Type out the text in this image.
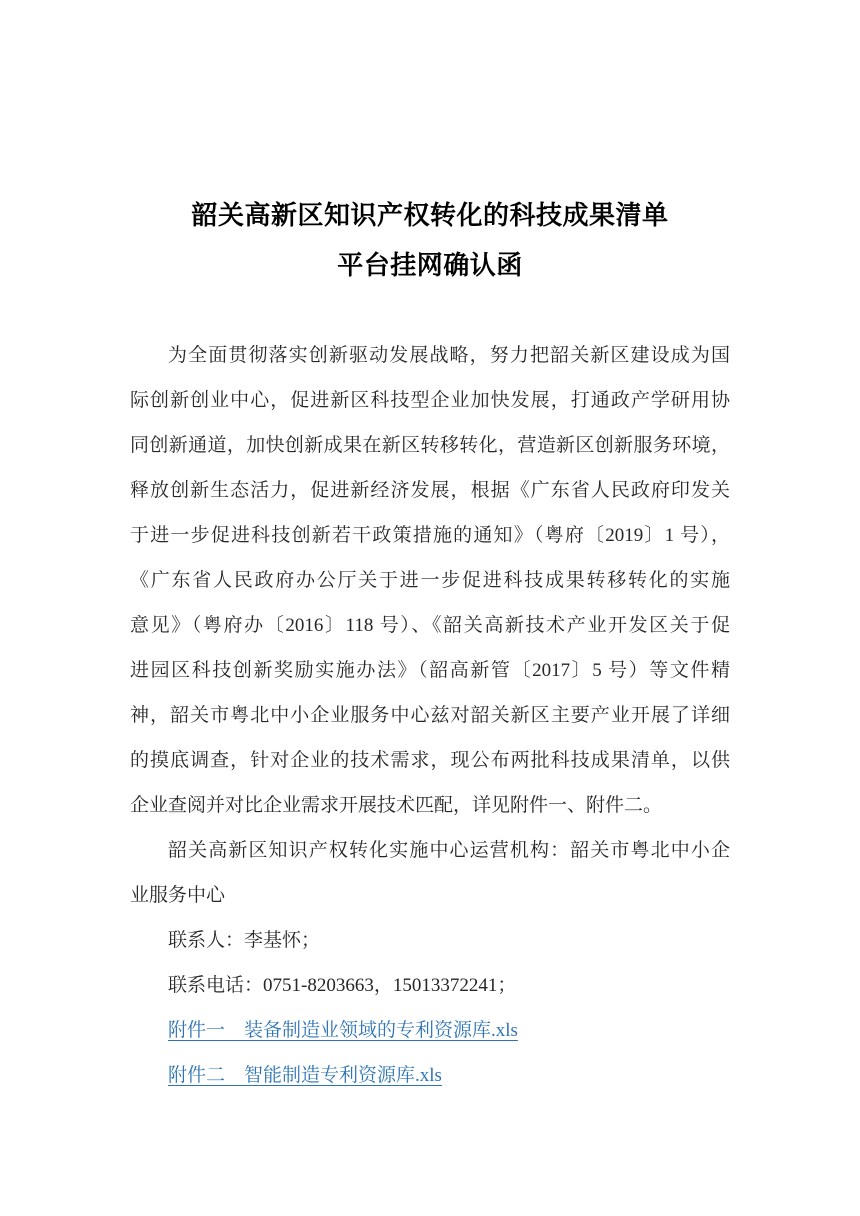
韶关高新区知识产权转化的科技成果清单
平台挂网确认函
为全面贯彻落实创新驱动发展战略，努力把韶关新区建设成为国
际创新创业中心，促进新区科技型企业加快发展，打通政产学研用协
同创新通道，加快创新成果在新区转移转化，营造新区创新服务环境，
释放创新生态活力，促进新经济发展，根据《广东省人民政府印发关
于进一步促进科技创新若干政策措施的通知》（粤府〔2019〕1 号），
《广东省人民政府办公厅关于进一步促进科技成果转移转化的实施
意见》（粤府办〔2016〕118 号）、《韶关高新技术产业开发区关于促
进园区科技创新奖励实施办法》（韶高新管〔2017〕5 号）等文件精
神，韶关市粤北中小企业服务中心兹对韶关新区主要产业开展了详细
的摸底调查，针对企业的技术需求，现公布两批科技成果清单，以供
企业查阅并对比企业需求开展技术匹配，详见附件一、附件二。
韶关高新区知识产权转化实施中心运营机构：韶关市粤北中小企
业服务中心
联系人：李基怀；
联系电话：0751-8203663，15013372241；
附件一　装备制造业领域的专利资源库.xls
附件二　智能制造专利资源库.xls
